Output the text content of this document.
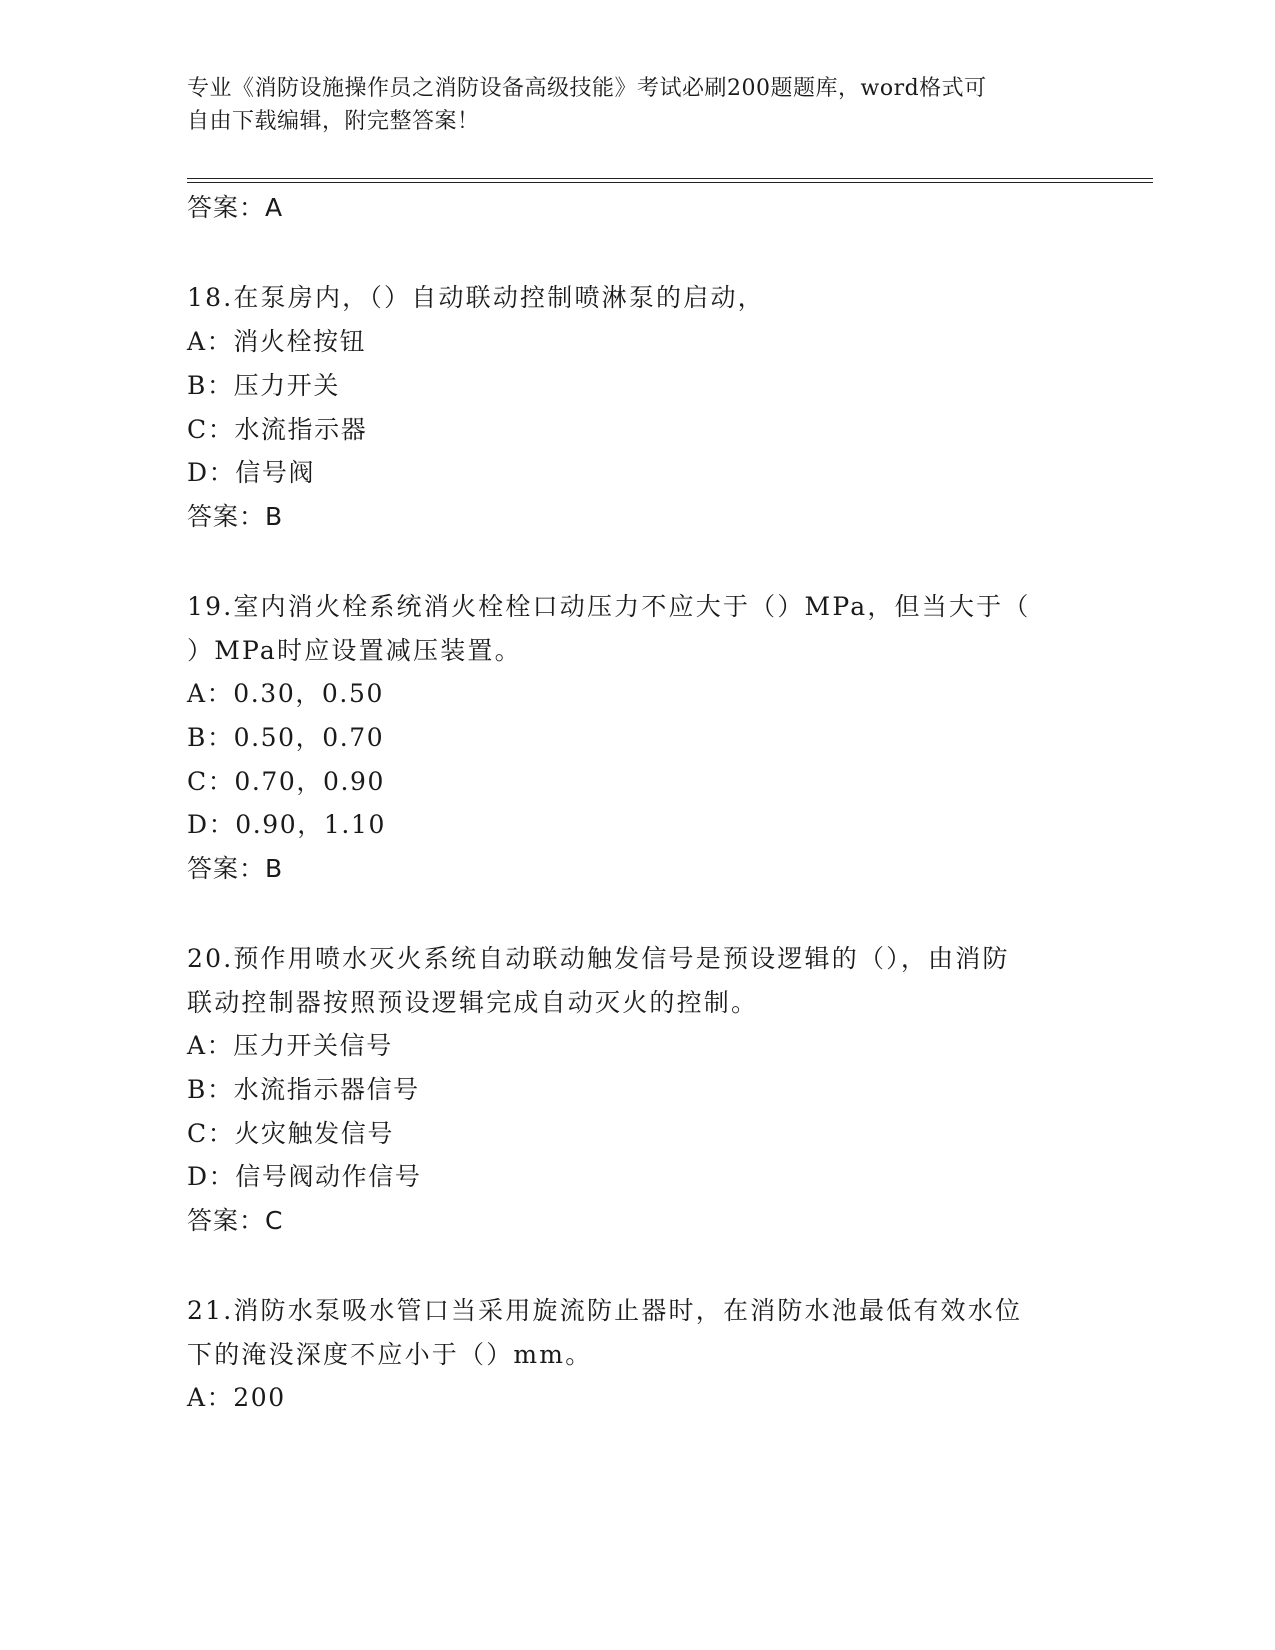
专业《消防设施操作员之消防设备高级技能》考试必刷200题题库，word格式可
自由下载编辑，附完整答案！
答案：A
18.在泵房内，（）自动联动控制喷淋泵的启动，
A：消火栓按钮
B：压力开关
C：水流指示器
D：信号阀
答案：B
19.室内消火栓系统消火栓栓口动压力不应大于（）MPa，但当大于（
）MPa时应设置减压装置。
A：0.30，0.50
B：0.50，0.70
C：0.70，0.90
D：0.90，1.10
答案：B
20.预作用喷水灭火系统自动联动触发信号是预设逻辑的（），由消防
联动控制器按照预设逻辑完成自动灭火的控制。
A：压力开关信号
B：水流指示器信号
C：火灾触发信号
D：信号阀动作信号
答案：C
21.消防水泵吸水管口当采用旋流防止器时，在消防水池最低有效水位
下的淹没深度不应小于（）mm。
A：200
